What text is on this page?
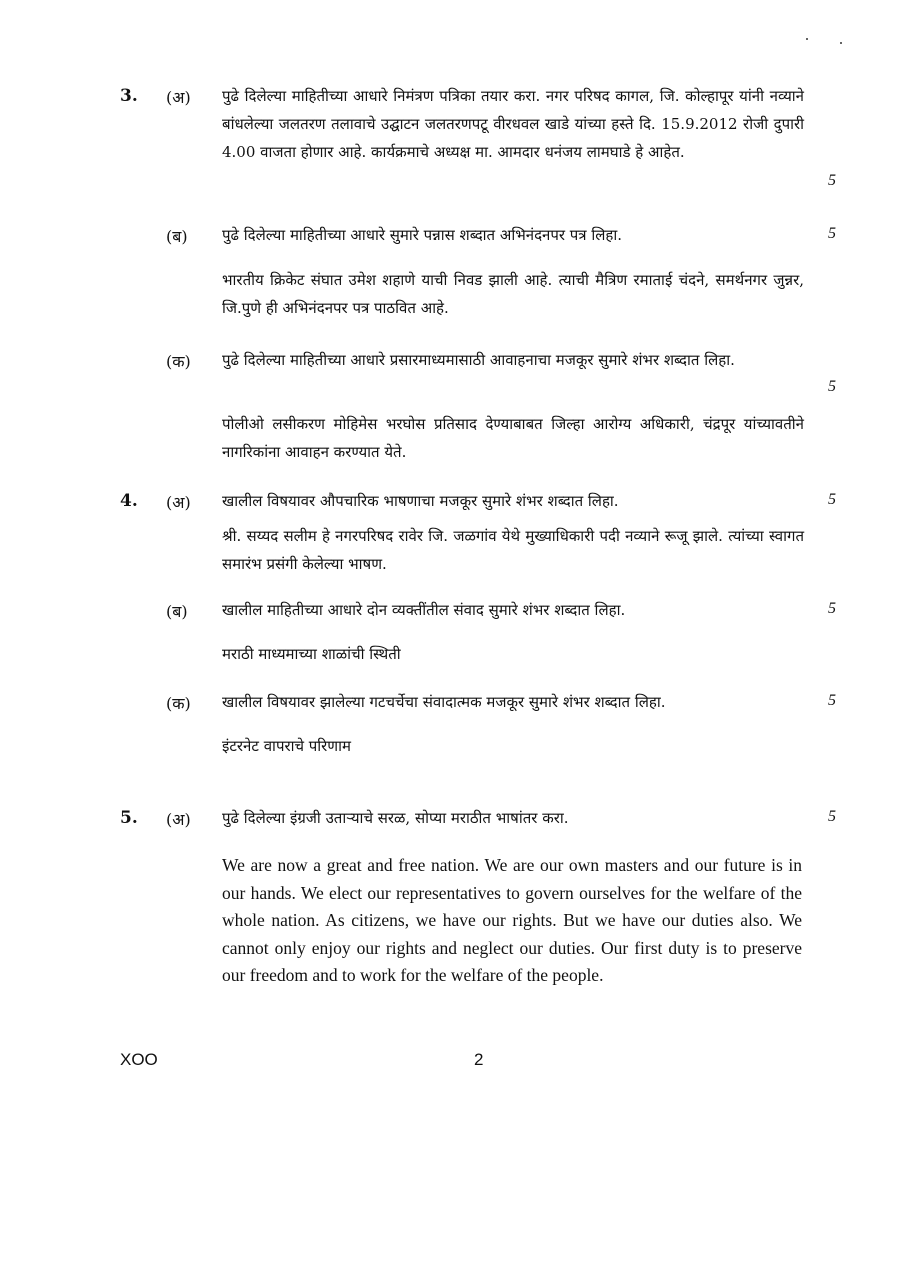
3. (अ) पुढे दिलेल्या माहितीच्या आधारे निमंत्रण पत्रिका तयार करा. नगर परिषद कागल, जि. कोल्हापूर यांनी नव्याने बांधलेल्या जलतरण तलावाचे उद्घाटन जलतरणपटू वीरधवल खाडे यांच्या हस्ते दि. 15.9.2012 रोजी दुपारी 4.00 वाजता होणार आहे. कार्यक्रमाचे अध्यक्ष मा. आमदार धनंजय लामघाडे हे आहेत.
5
(ब) पुढे दिलेल्या माहितीच्या आधारे सुमारे पन्नास शब्दात अभिनंदनपर पत्र लिहा.	5
भारतीय क्रिकेट संघात उमेश शहाणे याची निवड झाली आहे. त्याची मैत्रिण रमाताई चंदने, समर्थनगर जुन्नर, जि.पुणे ही अभिनंदनपर पत्र पाठवित आहे.
(क) पुढे दिलेल्या माहितीच्या आधारे प्रसारमाध्यमासाठी आवाहनाचा मजकूर सुमारे शंभर शब्दात लिहा.
5
पोलीओ लसीकरण मोहिमेस भरघोस प्रतिसाद देण्याबाबत जिल्हा आरोग्य अधिकारी, चंद्रपूर यांच्यावतीने नागरिकांना आवाहन करण्यात येते.
4. (अ) खालील विषयावर औपचारिक भाषणाचा मजकूर सुमारे शंभर शब्दात लिहा.	5
श्री. सय्यद सलीम हे नगरपरिषद रावेर जि. जळगांव येथे मुख्याधिकारी पदी नव्याने रूजू झाले. त्यांच्या स्वागत समारंभ प्रसंगी केलेल्या भाषण.
(ब) खालील माहितीच्या आधारे दोन व्यक्तींतील संवाद सुमारे शंभर शब्दात लिहा.	5
मराठी माध्यमाच्या शाळांची स्थिती
(क) खालील विषयावर झालेल्या गटचर्चेचा संवादात्मक मजकूर सुमारे शंभर शब्दात लिहा.	5
इंटरनेट वापराचे परिणाम
5. (अ) पुढे दिलेल्या इंग्रजी उताऱ्याचे सरळ, सोप्या मराठीत भाषांतर करा.	5
We are now a great and free nation. We are our own masters and our future is in our hands. We elect our representatives to govern ourselves for the welfare of the whole nation. As citizens, we have our rights. But we have our duties also. We cannot only enjoy our rights and neglect our duties. Our first duty is to preserve our freedom and to work for the welfare of the people.
XOO	2
